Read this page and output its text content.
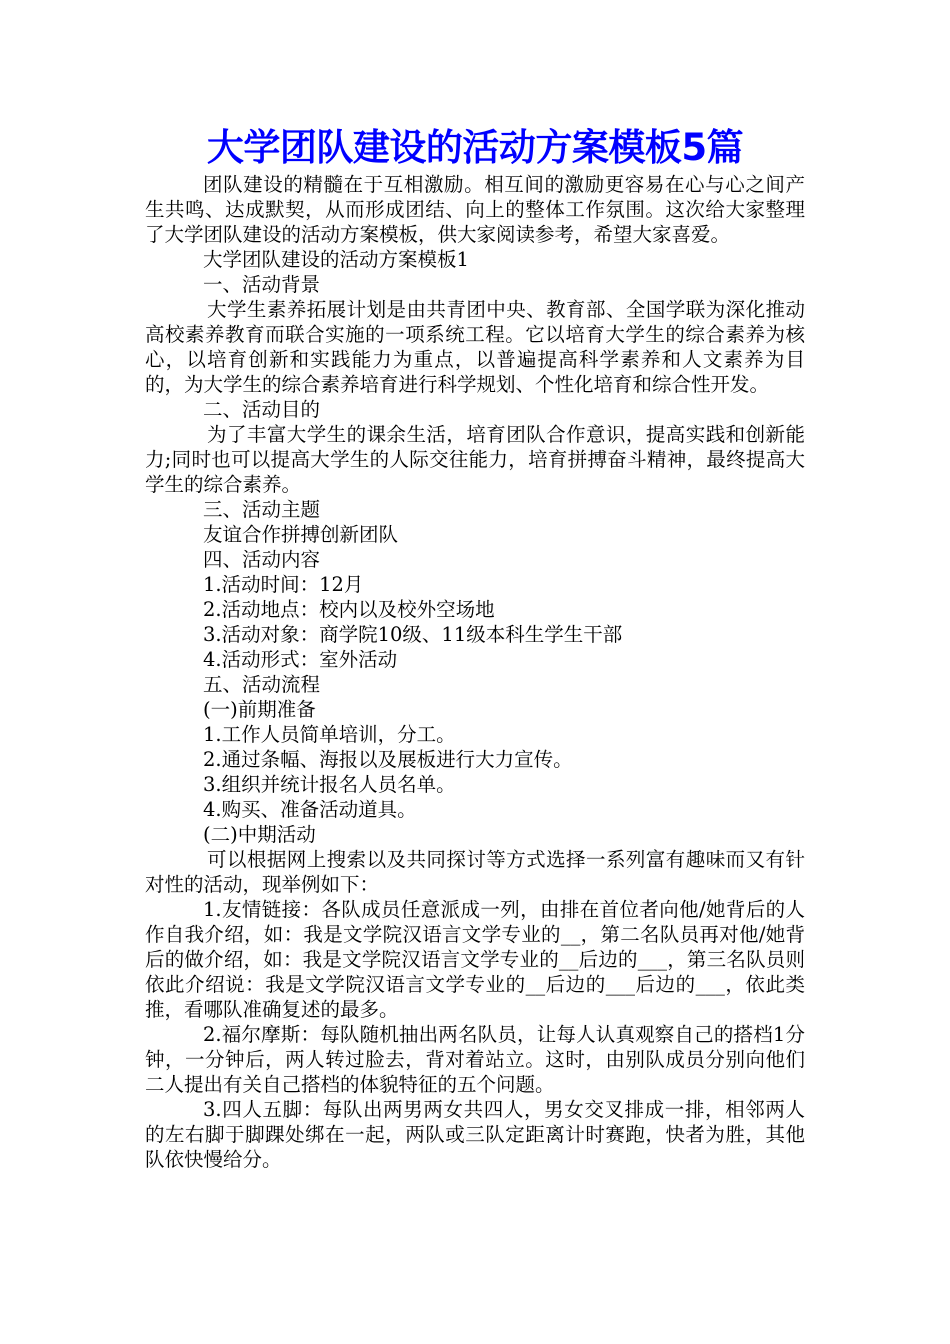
大学团队建设的活动方案模板5篇

团队建设的精髓在于互相激励。相互间的激励更容易在心与心之间产生共鸣、达成默契，从而形成团结、向上的整体工作氛围。这次给大家整理了大学团队建设的活动方案模板，供大家阅读参考，希望大家喜爱。

大学团队建设的活动方案模板1

一、活动背景

大学生素养拓展计划是由共青团中央、教育部、全国学联为深化推动高校素养教育而联合实施的一项系统工程。它以培育大学生的综合素养为核心，以培育创新和实践能力为重点，以普遍提高科学素养和人文素养为目的，为大学生的综合素养培育进行科学规划、个性化培育和综合性开发。

二、活动目的

为了丰富大学生的课余生活，培育团队合作意识，提高实践和创新能力;同时也可以提高大学生的人际交往能力，培育拼搏奋斗精神，最终提高大学生的综合素养。

三、活动主题

友谊合作拼搏创新团队

四、活动内容

1.活动时间：12月

2.活动地点：校内以及校外空场地

3.活动对象：商学院10级、11级本科生学生干部

4.活动形式：室外活动

五、活动流程

(一)前期准备

1.工作人员简单培训，分工。

2.通过条幅、海报以及展板进行大力宣传。

3.组织并统计报名人员名单。

4.购买、准备活动道具。

(二)中期活动

可以根据网上搜索以及共同探讨等方式选择一系列富有趣味而又有针对性的活动，现举例如下：

1.友情链接：各队成员任意派成一列，由排在首位者向他/她背后的人作自我介绍，如：我是文学院汉语言文学专业的__，第二名队员再对他/她背后的做介绍，如：我是文学院汉语言文学专业的__后边的___，第三名队员则依此介绍说：我是文学院汉语言文学专业的__后边的___后边的___，依此类推，看哪队准确复述的最多。

2.福尔摩斯：每队随机抽出两名队员，让每人认真观察自己的搭档1分钟，一分钟后，两人转过脸去，背对着站立。这时，由别队成员分别向他们二人提出有关自己搭档的体貌特征的五个问题。

3.四人五脚：每队出两男两女共四人，男女交叉排成一排，相邻两人的左右脚于脚踝处绑在一起，两队或三队定距离计时赛跑，快者为胜，其他队依快慢给分。
